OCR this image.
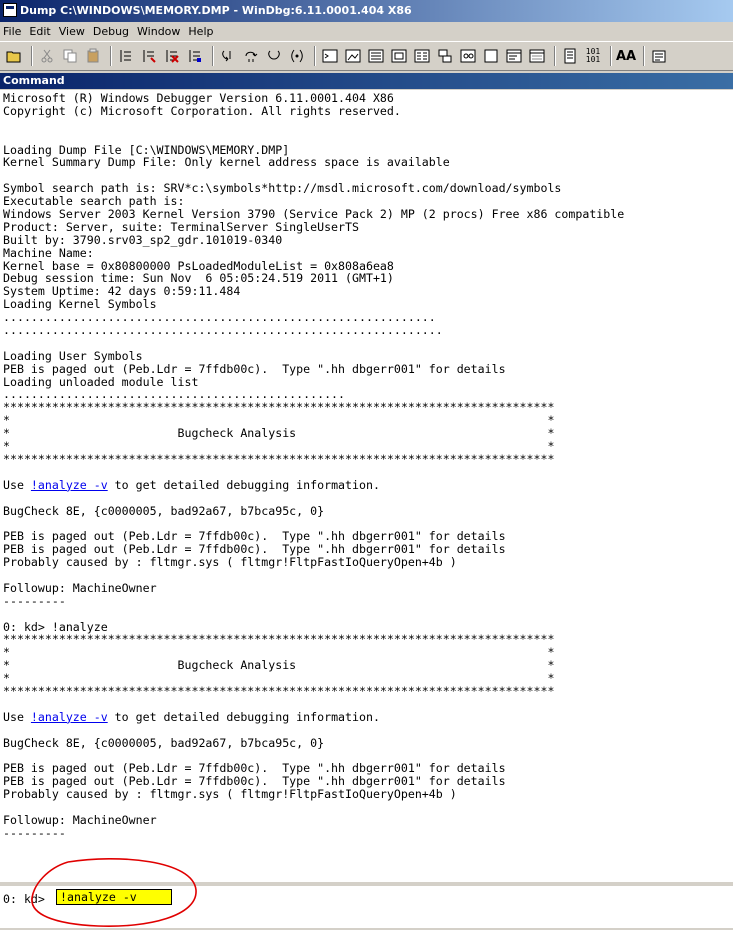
Dump C:\WINDOWS\MEMORY.DMP - WinDbg:6.11.0001.404 X86
File Edit View Debug Window Help
101
101 AA
Command
Microsoft (R) Windows Debugger Version 6.11.0001.404 X86
Copyright (c) Microsoft Corporation. All rights reserved.
Loading Dump File [C:\WINDOWS\MEMORY.DMP]
Kernel Summary Dump File: Only kernel address space is available
Symbol search path is: SRV*c:\symbols*http://msdl.microsoft.com/download/symbols
Executable search path is:
Windows Server 2003 Kernel Version 3790 (Service Pack 2) MP (2 procs) Free x86 compatible
Product: Server, suite: TerminalServer SingleUserTS
Built by: 3790.srv03_sp2_gdr.101019-0340
Machine Name:
Kernel base = 0x80800000 PsLoadedModuleList = 0x808a6ea8
Debug session time: Sun Nov  6 05:05:24.519 2011 (GMT+1)
System Uptime: 42 days 0:59:11.484
Loading Kernel Symbols
..............................................................
...............................................................
Loading User Symbols
PEB is paged out (Peb.Ldr = 7ffdb00c).  Type ".hh dbgerr001" for details
Loading unloaded module list
.................................................
*******************************************************************************
*                                                                             *
*                        Bugcheck Analysis                                    *
*                                                                             *
*******************************************************************************
Use !analyze -v to get detailed debugging information.
BugCheck 8E, {c0000005, bad92a67, b7bca95c, 0}
PEB is paged out (Peb.Ldr = 7ffdb00c).  Type ".hh dbgerr001" for details
PEB is paged out (Peb.Ldr = 7ffdb00c).  Type ".hh dbgerr001" for details
Probably caused by : fltmgr.sys ( fltmgr!FltpFastIoQueryOpen+4b )
Followup: MachineOwner
---------
0: kd> !analyze
*******************************************************************************
*                                                                             *
*                        Bugcheck Analysis                                    *
*                                                                             *
*******************************************************************************
Use !analyze -v to get detailed debugging information.
BugCheck 8E, {c0000005, bad92a67, b7bca95c, 0}
PEB is paged out (Peb.Ldr = 7ffdb00c).  Type ".hh dbgerr001" for details
PEB is paged out (Peb.Ldr = 7ffdb00c).  Type ".hh dbgerr001" for details
Probably caused by : fltmgr.sys ( fltmgr!FltpFastIoQueryOpen+4b )
Followup: MachineOwner
---------
0: kd>	!analyze -v
